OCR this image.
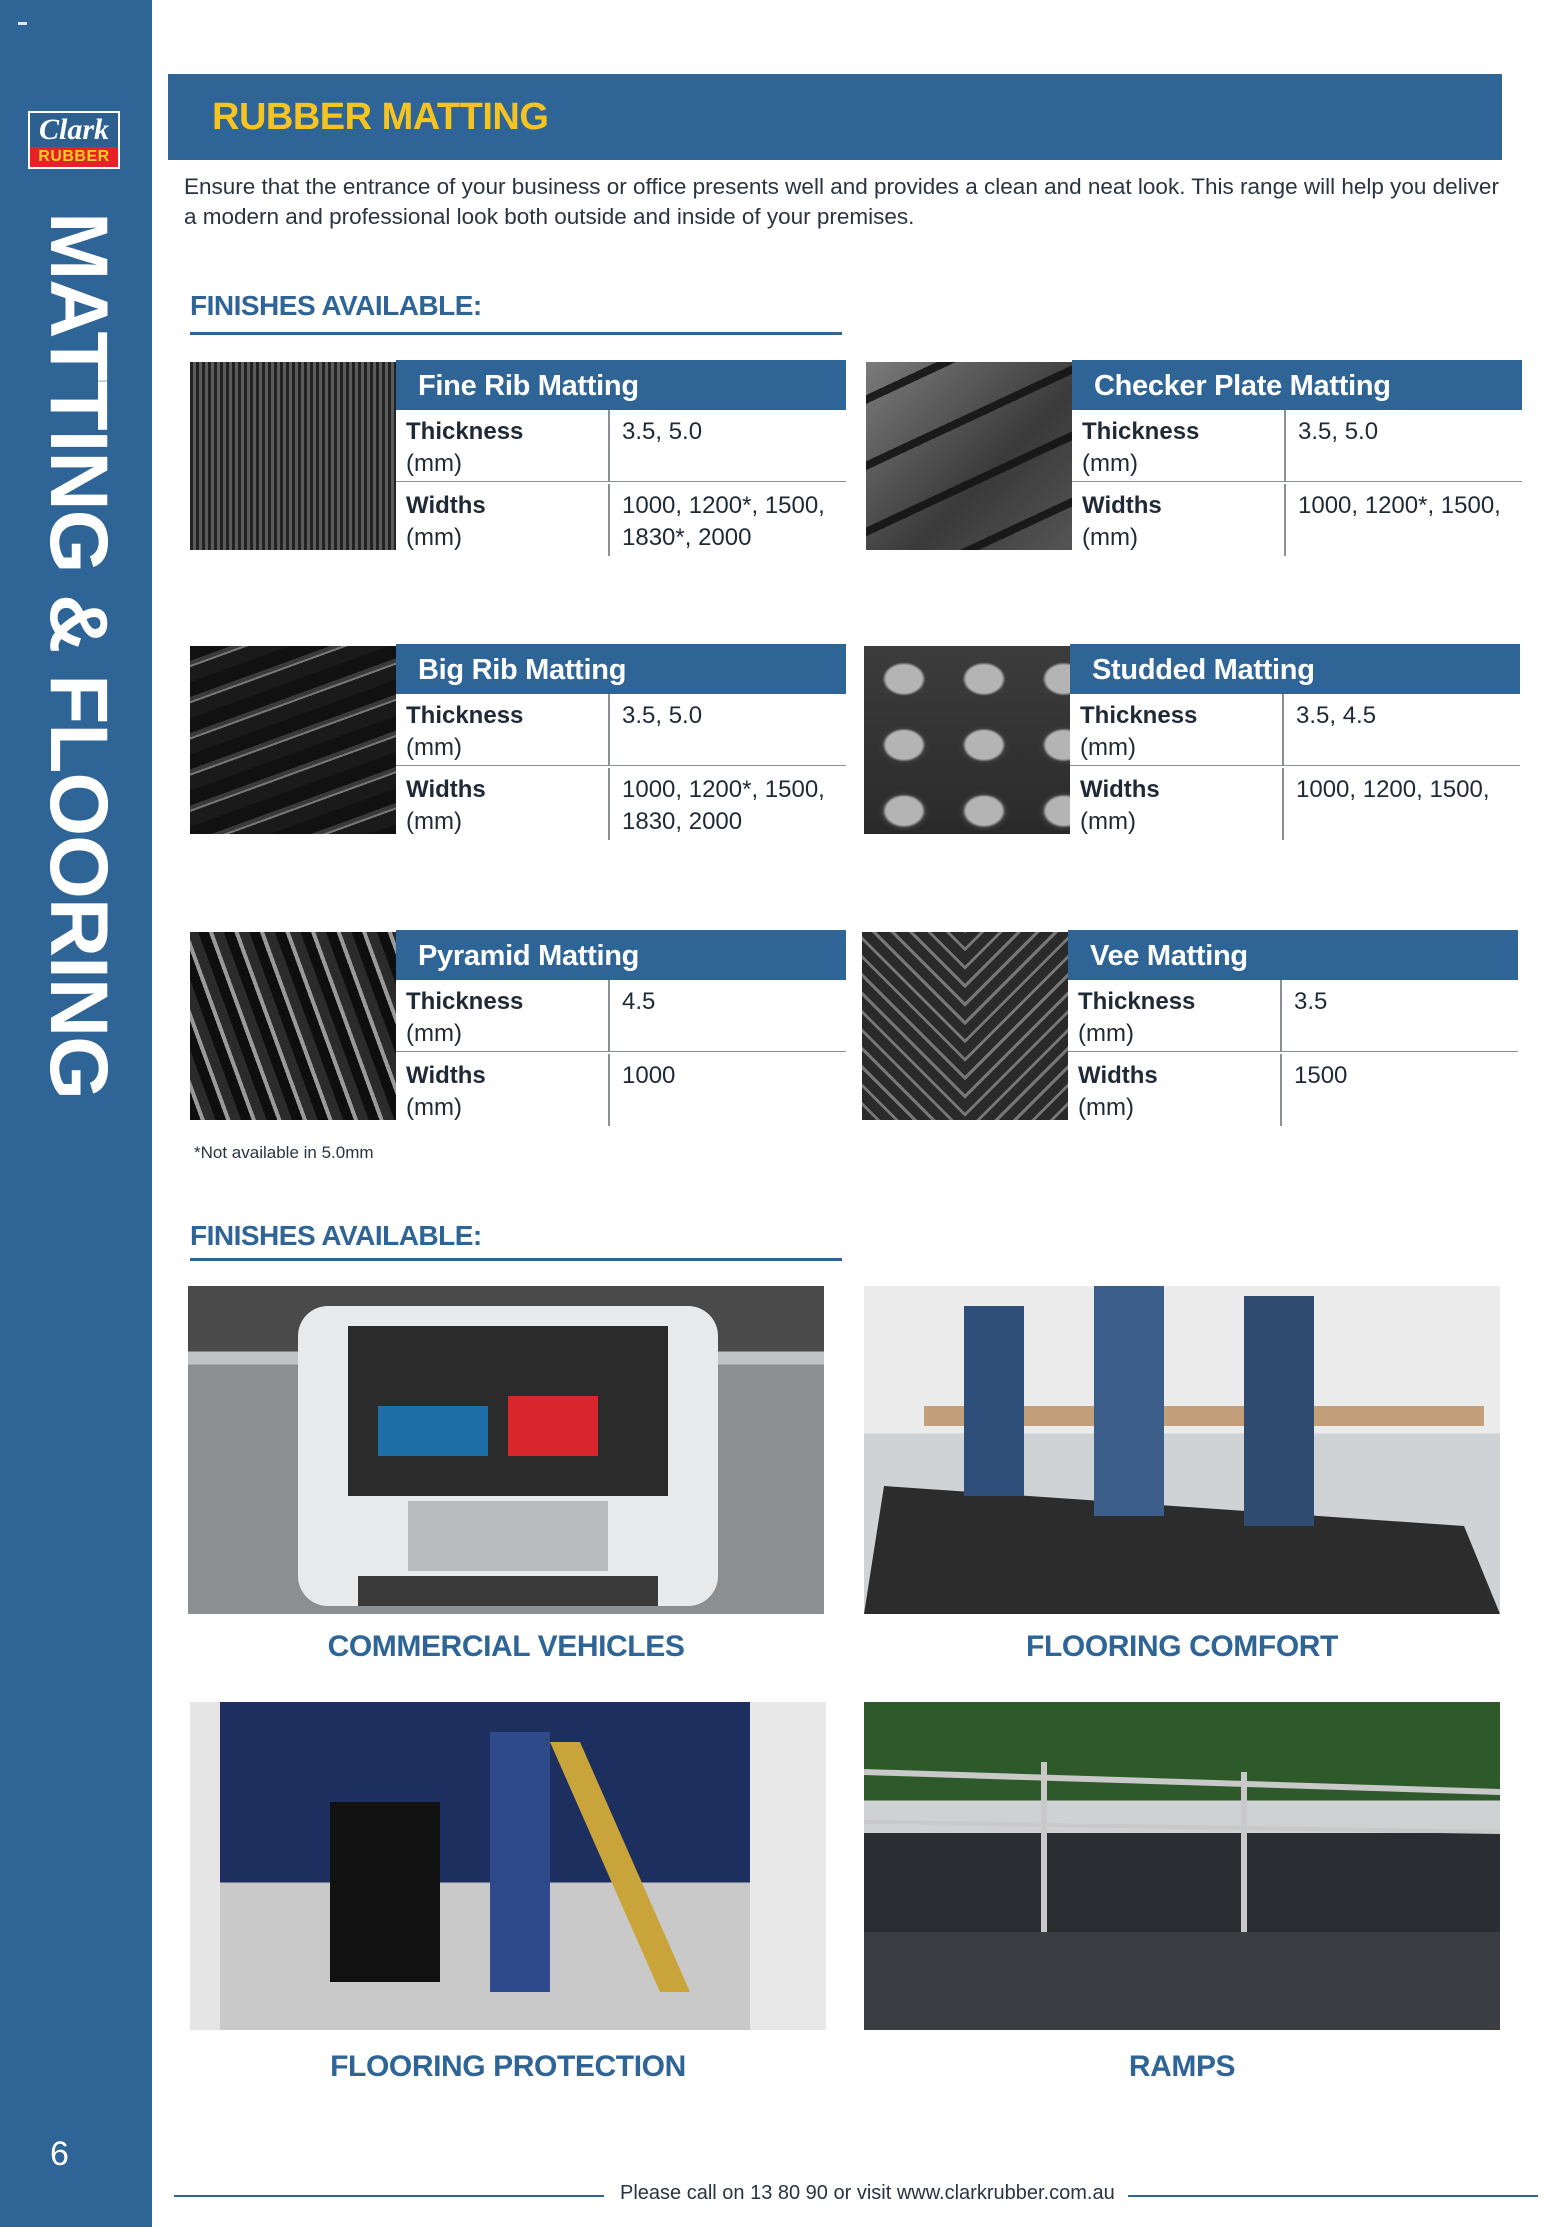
Clark
RUBBER
MATTING & FLOORING
6
RUBBER MATTING
Ensure that the entrance of your business or office presents well and provides a clean and neat look. This range will help you deliver a modern and professional look both outside and inside of your premises.
FINISHES AVAILABLE:
Fine Rib Matting
Thickness
(mm)
3.5, 5.0
Widths
(mm)
1000, 1200*, 1500, 1830*, 2000
Checker Plate Matting
Thickness
(mm)
3.5, 5.0
Widths
(mm)
1000, 1200*, 1500,
Big Rib Matting
Thickness
(mm)
3.5, 5.0
Widths
(mm)
1000, 1200*, 1500, 1830, 2000
Studded Matting
Thickness
(mm)
3.5, 4.5
Widths
(mm)
1000, 1200, 1500,
Pyramid Matting
Thickness
(mm)
4.5
Widths
(mm)
1000
Vee Matting
Thickness
(mm)
3.5
Widths
(mm)
1500
*Not available in 5.0mm
FINISHES AVAILABLE:
COMMERCIAL VEHICLES	FLOORING COMFORT
FLOORING PROTECTION	RAMPS
Please call on 13 80 90 or visit www.clarkrubber.com.au
